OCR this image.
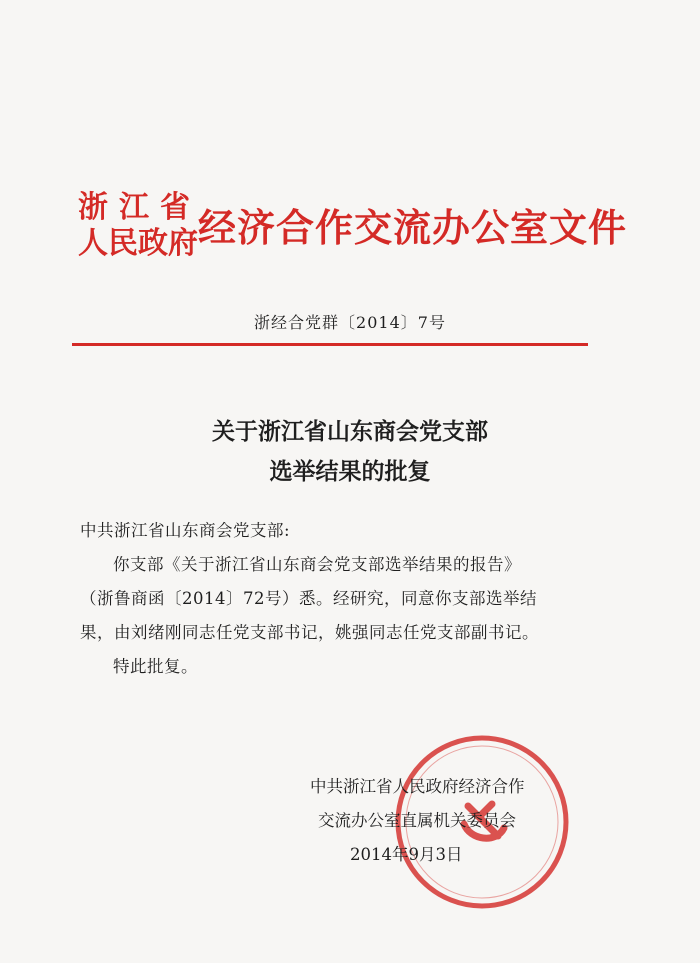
浙江省
人民政府 经济合作交流办公室文件
浙经合党群〔2014〕7号
关于浙江省山东商会党支部
选举结果的批复

中共浙江省山东商会党支部:

你支部《关于浙江省山东商会党支部选举结果的报告》

（浙鲁商函〔2014〕72号）悉。经研究，同意你支部选举结

果，由刘绪刚同志任党支部书记，姚强同志任党支部副书记。

特此批复。

中共浙江省人民政府经济合作
交流办公室直属机关委员会
2014年9月3日
